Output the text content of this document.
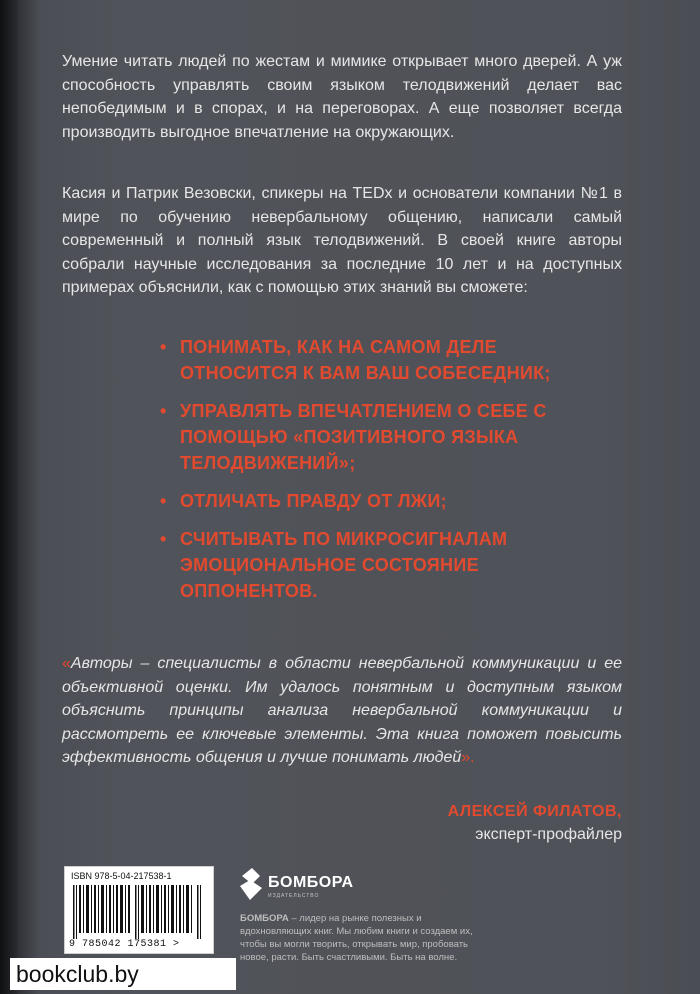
Умение читать людей по жестам и мимике открывает много дверей. А уж способность управлять своим языком телодвижений делает вас непобедимым и в спорах, и на переговорах. А еще позволяет всегда производить выгодное впечатление на окружающих.

Касия и Патрик Везовски, спикеры на TEDx и основатели компании №1 в мире по обучению невербальному общению, написали самый современный и полный язык телодвижений. В своей книге авторы собрали научные исследования за последние 10 лет и на доступных примерах объяснили, как с помощью этих знаний вы сможете:

• ПОНИМАТЬ, КАК НА САМОМ ДЕЛЕ ОТНОСИТСЯ К ВАМ ВАШ СОБЕСЕДНИК;
• УПРАВЛЯТЬ ВПЕЧАТЛЕНИЕМ О СЕБЕ С ПОМОЩЬЮ «ПОЗИТИВНОГО ЯЗЫКА ТЕЛОДВИЖЕНИЙ»;
• ОТЛИЧАТЬ ПРАВДУ ОТ ЛЖИ;
• СЧИТЫВАТЬ ПО МИКРОСИГНАЛАМ ЭМОЦИОНАЛЬНОЕ СОСТОЯНИЕ ОППОНЕНТОВ.

«Авторы – специалисты в области невербальной коммуникации и ее объективной оценки. Им удалось понятным и доступным языком объяснить принципы анализа невербальной коммуникации и рассмотреть ее ключевые элементы. Эта книга поможет повысить эффективность общения и лучше понимать людей».

АЛЕКСЕЙ ФИЛАТОВ,
эксперт-профайлер
ISBN 978-5-04-217538-1
9 785042 175381 >
БОМБОРА
ИЗДАТЕЛЬСТВО
БОМБОРА – лидер на рынке полезных и вдохновляющих книг. Мы любим книги и создаем их, чтобы вы могли творить, открывать мир, пробовать новое, расти. Быть счастливыми. Быть на волне.
bookclub.by
